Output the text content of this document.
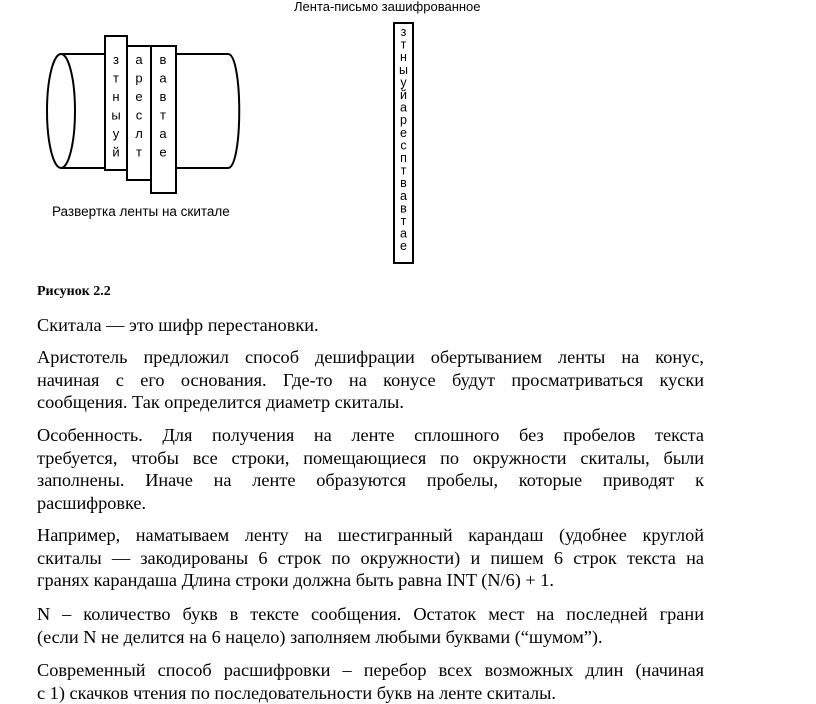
з
т
н
ы
у
й
а
р
е
с
л
т
в
а
в
т
а
е
Лента-письмо зашифрованное
з
т
н
ы
у
й
а
р
е
с
п
т
в
а
в
т
а
е
Развертка ленты на скитале
Рисунок 2.2
Скитала — это шифр перестановки.
Аристотель предложил способ дешифрации обертыванием ленты на конус,
начиная с его основания. Где-то на конусе будут просматриваться куски
сообщения. Так определится диаметр скиталы.
Особенность. Для получения на ленте сплошного без пробелов текста
требуется, чтобы все строки, помещающиеся по окружности скиталы, были
заполнены. Иначе на ленте образуются пробелы, которые приводят к
расшифровке.
Например, наматываем ленту на шестигранный карандаш (удобнее круглой
скиталы — закодированы 6 строк по окружности) и пишем 6 строк текста на
гранях карандаша Длина строки должна быть равна INT (N/6) + 1.
N – количество букв в тексте сообщения. Остаток мест на последней грани
(если N не делится на 6 нацело) заполняем любыми буквами (“шумом”).
Современный способ расшифровки – перебор всех возможных длин (начиная
с 1) скачков чтения по последовательности букв на ленте скиталы.
